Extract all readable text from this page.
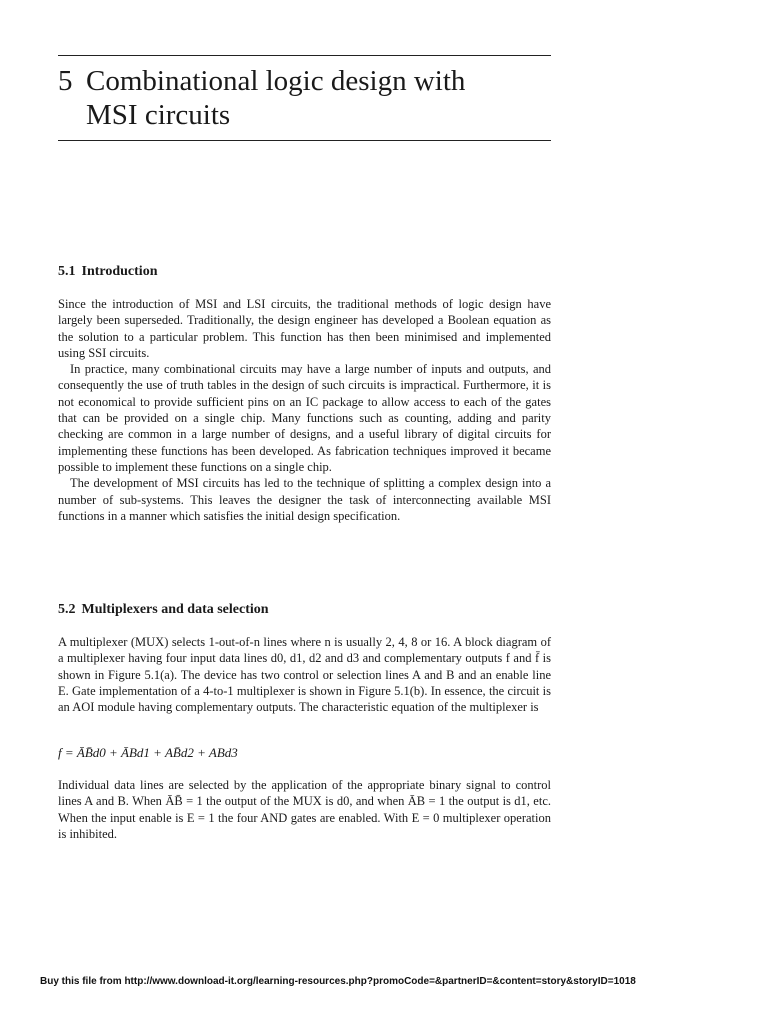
5 Combinational logic design with
MSI circuits
5.1 Introduction

Since the introduction of MSI and LSI circuits, the traditional methods of logic design have largely been superseded. Traditionally, the design engineer has developed a Boolean equation as the solution to a particular problem. This function has then been minimised and implemented using SSI circuits.

In practice, many combinational circuits may have a large number of inputs and outputs, and consequently the use of truth tables in the design of such circuits is impractical. Furthermore, it is not economical to provide sufficient pins on an IC package to allow access to each of the gates that can be provided on a single chip. Many functions such as counting, adding and parity checking are common in a large number of designs, and a useful library of digital circuits for implementing these functions has been developed. As fabrication techniques improved it became possible to implement these functions on a single chip.

The development of MSI circuits has led to the technique of splitting a complex design into a number of sub-systems. This leaves the designer the task of interconnecting available MSI functions in a manner which satisfies the initial design specification.

5.2 Multiplexers and data selection

A multiplexer (MUX) selects 1-out-of-n lines where n is usually 2, 4, 8 or 16. A block diagram of a multiplexer having four input data lines d0, d1, d2 and d3 and complementary outputs f and f̄ is shown in Figure 5.1(a). The device has two control or selection lines A and B and an enable line E. Gate implementation of a 4-to-1 multiplexer is shown in Figure 5.1(b). In essence, the circuit is an AOI module having complementary outputs. The characteristic equation of the multiplexer is

f = ĀB̄d0 + ĀBd1 + AB̄d2 + ABd3

Individual data lines are selected by the application of the appropriate binary signal to control lines A and B. When ĀB̄ = 1 the output of the MUX is d0, and when ĀB = 1 the output is d1, etc. When the input enable is E = 1 the four AND gates are enabled. With E = 0 multiplexer operation is inhibited.

Buy this file from http://www.download-it.org/learning-resources.php?promoCode=&partnerID=&content=story&storyID=1018
